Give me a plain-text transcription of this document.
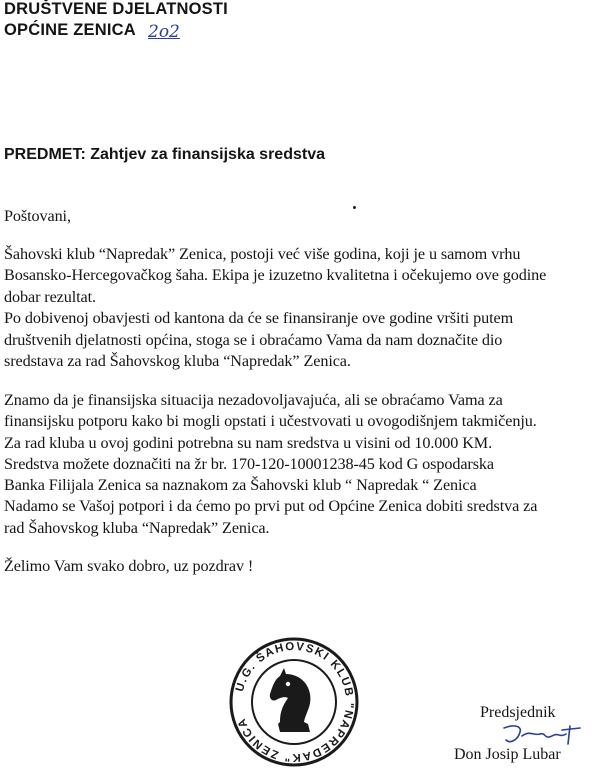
DRUŠTVENE DJELATNOSTI
OPĆINE ZENICA 2o2
PREDMET: Zahtjev za finansijska sredstva
Poštovani,
Šahovski klub “Napredak” Zenica, postoji već više godina, koji je u samom vrhu
Bosansko-Hercegovačkog šaha. Ekipa je izuzetno kvalitetna i očekujemo ove godine
dobar rezultat.
Po dobivenoj obavjesti od kantona da će se finansiranje ove godine vršiti putem
društvenih djelatnosti općina, stoga se i obraćamo Vama da nam doznačite dio
sredstava za rad Šahovskog kluba “Napredak” Zenica.
Znamo da je finansijska situacija nezadovoljavajuća, ali se obraćamo Vama za
finansijsku potporu kako bi mogli opstati i učestvovati u ovogodišnjem takmičenju.
Za rad kluba u ovoj godini potrebna su nam sredstva u visini od 10.000 KM.
Sredstva možete doznačiti na žr br. 170-120-10001238-45 kod G ospodarska
Banka Filijala Zenica sa naznakom za Šahovski klub “ Napredak “ Zenica
Nadamo se Vašoj potpori i da ćemo po prvi put od Općine Zenica dobiti sredstva za
rad Šahovskog kluba “Napredak” Zenica.
Želimo Vam svako dobro, uz pozdrav !
U.G. ŠAHOVSKI KLUB "NAPREDAK" ZENICA
Predsjednik
Don Josip Lubar
